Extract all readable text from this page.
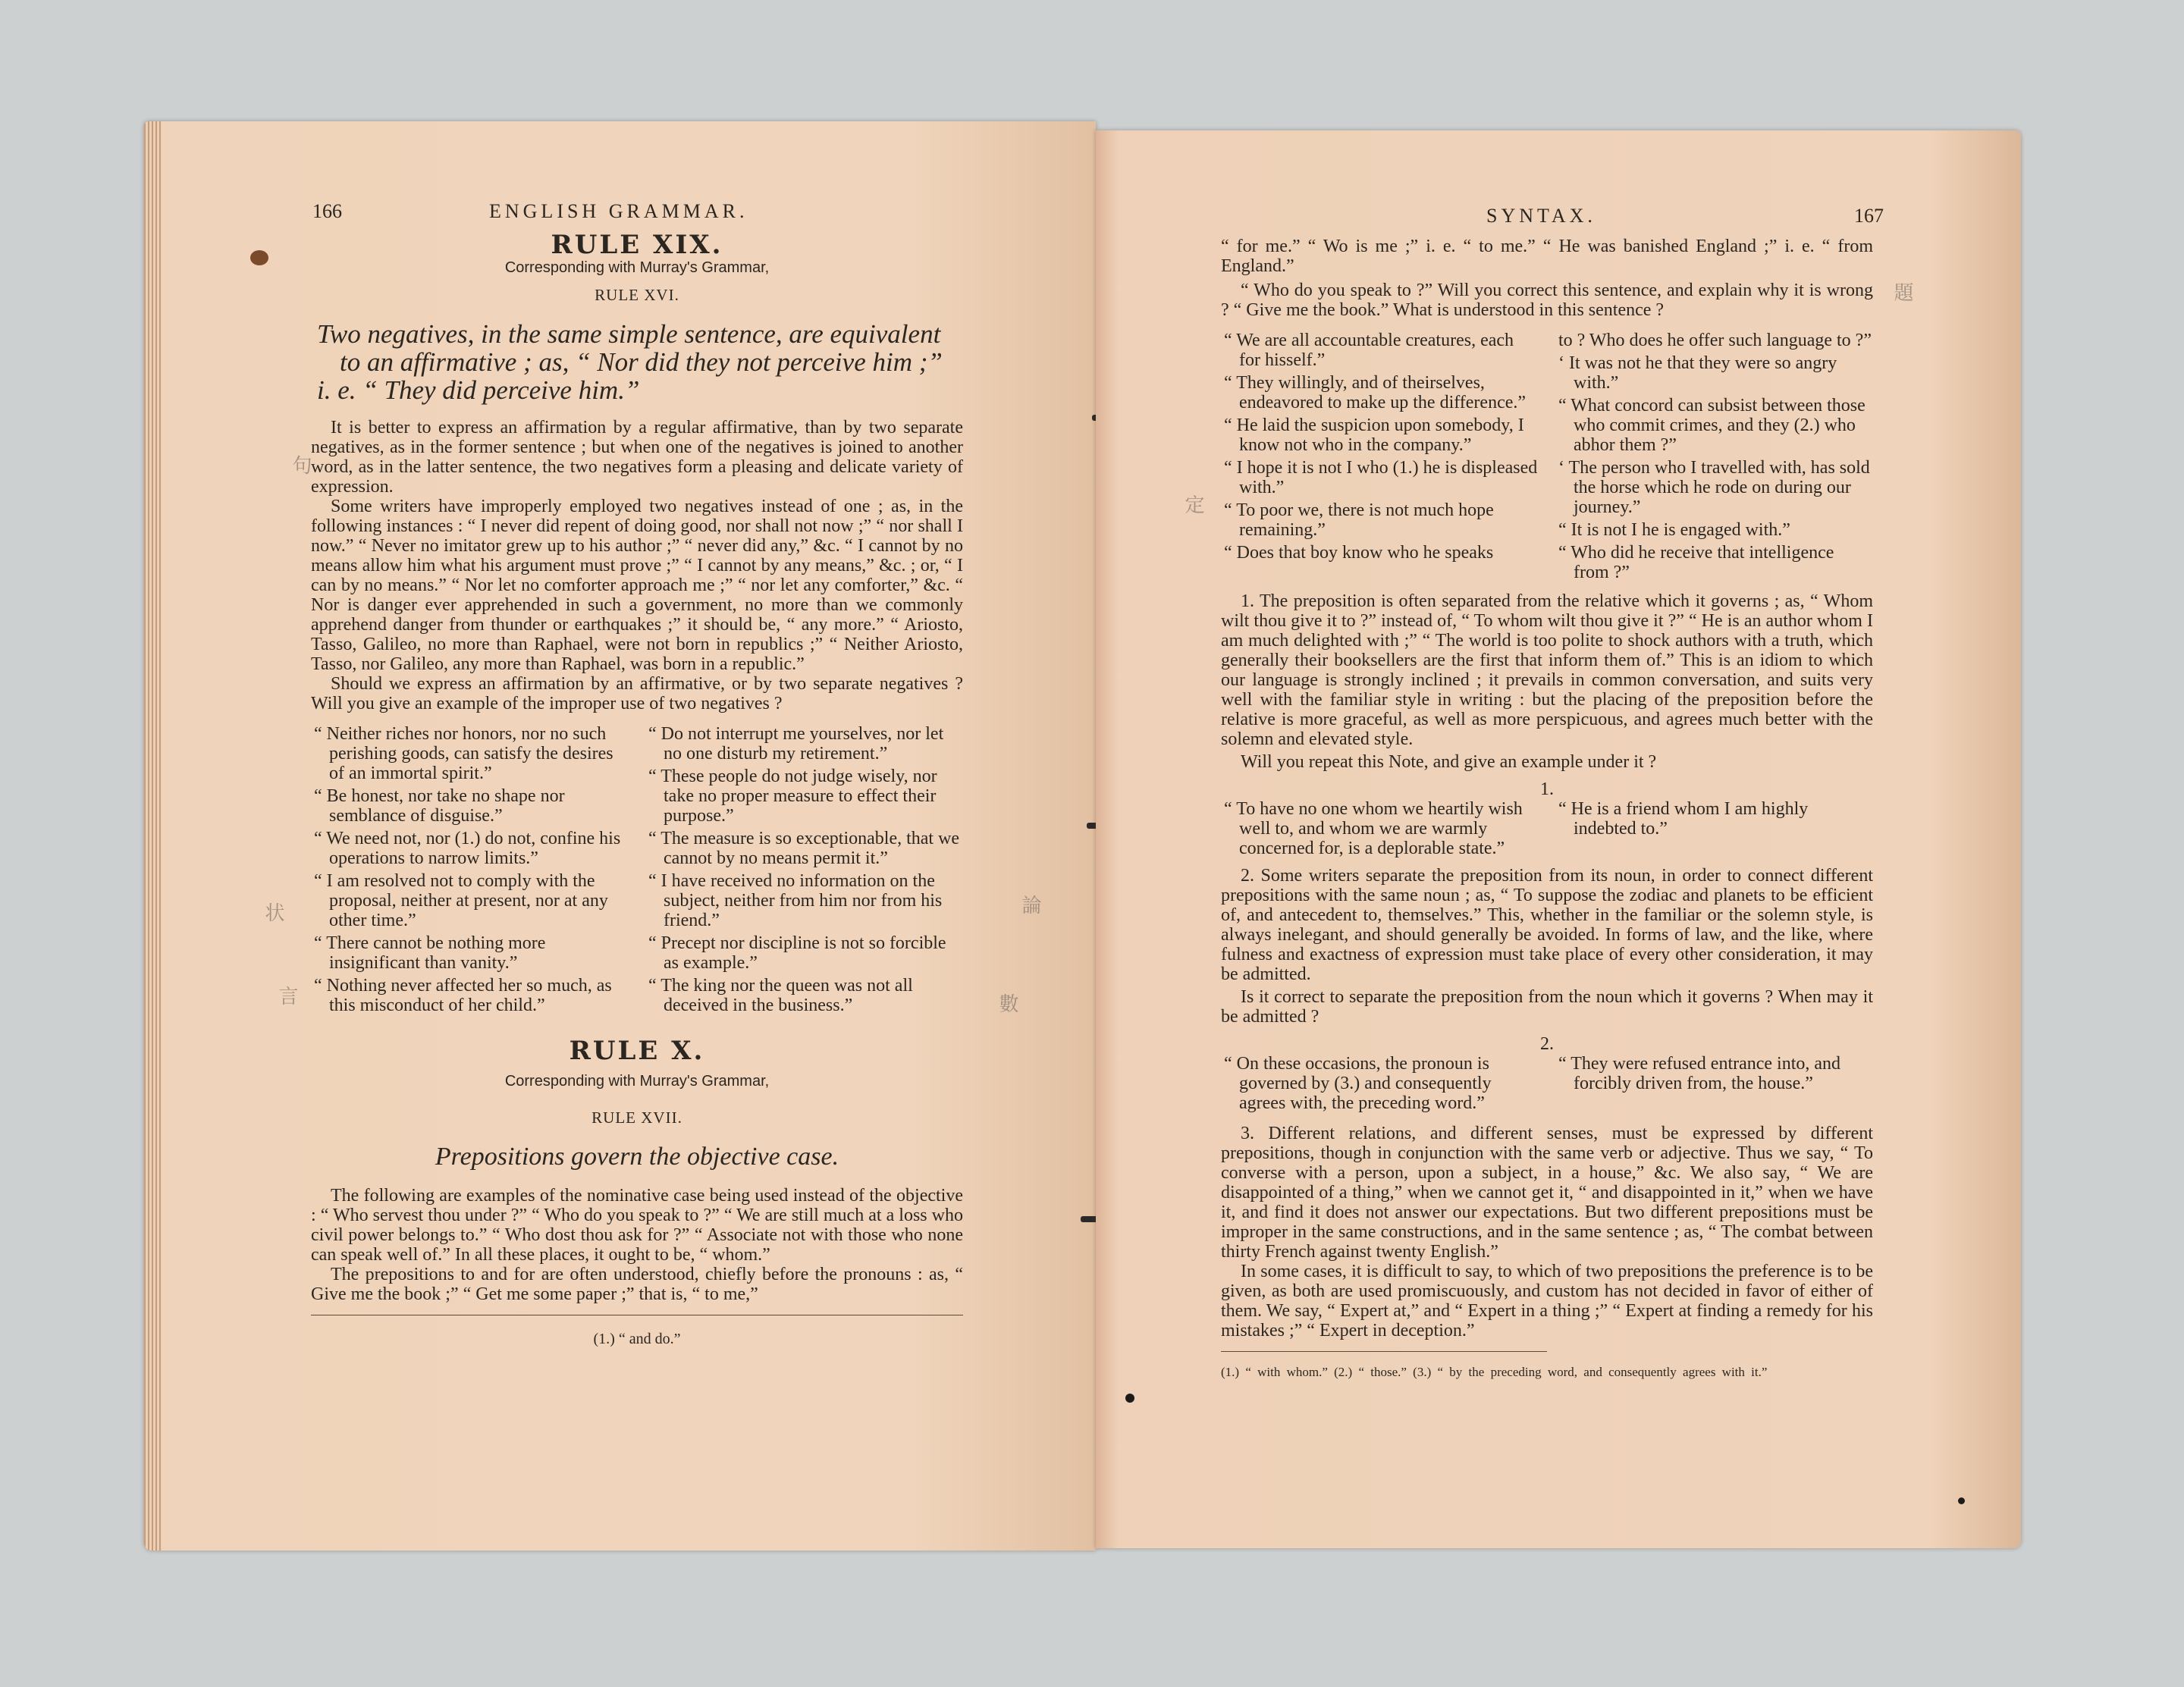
166	ENGLISH GRAMMAR.

RULE XIX.

Corresponding with Murray's Grammar,

RULE XVI.

Two negatives, in the same simple sentence, are equivalent
to an affirmative ; as, “ Nor did they not perceive him ;”
i. e. “ They did perceive him.”

It is better to express an affirmation by a regular affirmative, than by two separate negatives, as in the former sentence ; but when one of the negatives is joined to another word, as in the latter sentence, the two negatives form a pleasing and delicate variety of expression.

Some writers have improperly employed two negatives instead of one ; as, in the following instances : “ I never did repent of doing good, nor shall not now ;” “ nor shall I now.” “ Never no imitator grew up to his author ;” “ never did any,” &c. “ I cannot by no means allow him what his argument must prove ;” “ I cannot by any means,” &c. ; or, “ I can by no means.” “ Nor let no comforter approach me ;” “ nor let any comforter,” &c. “ Nor is danger ever apprehended in such a government, no more than we commonly apprehend danger from thunder or earthquakes ;” it should be, “ any more.” “ Ariosto, Tasso, Galileo, no more than Raphael, were not born in republics ;” “ Neither Ariosto, Tasso, nor Galileo, any more than Raphael, was born in a republic.”

Should we express an affirmation by an affirmative, or by two separate negatives ? Will you give an example of the improper use of two negatives ?

“ Neither riches nor honors, nor no such perishing goods, can satisfy the desires of an immortal spirit.”

“ Be honest, nor take no shape nor semblance of disguise.”

“ We need not, nor (1.) do not, confine his operations to narrow limits.”

“ I am resolved not to comply with the proposal, neither at present, nor at any other time.”

“ There cannot be nothing more insignificant than vanity.”

“ Nothing never affected her so much, as this misconduct of her child.”

“ Do not interrupt me yourselves, nor let no one disturb my retirement.”

“ These people do not judge wisely, nor take no proper measure to effect their purpose.”

“ The measure is so exceptionable, that we cannot by no means permit it.”

“ I have received no information on the subject, neither from him nor from his friend.”

“ Precept nor discipline is not so forcible as example.”

“ The king nor the queen was not all deceived in the business.”

RULE X.

Corresponding with Murray's Grammar,

RULE XVII.

Prepositions govern the objective case.

The following are examples of the nominative case being used instead of the objective : “ Who servest thou under ?” “ Who do you speak to ?” “ We are still much at a loss who civil power belongs to.” “ Who dost thou ask for ?” “ Associate not with those who none can speak well of.” In all these places, it ought to be, “ whom.”

The prepositions to and for are often understood, chiefly before the pronouns : as, “ Give me the book ;” “ Get me some paper ;” that is, “ to me,”

(1.) “ and do.”
句
状
言
論
數
167
SYNTAX.

“ for me.” “ Wo is me ;” i. e. “ to me.” “ He was banished England ;” i. e. “ from England.”

“ Who do you speak to ?” Will you correct this sentence, and explain why it is wrong ? “ Give me the book.” What is understood in this sentence ?

“ We are all accountable creatures, each for hisself.”

“ They willingly, and of theirselves, endeavored to make up the difference.”

“ He laid the suspicion upon somebody, I know not who in the company.”

“ I hope it is not I who (1.) he is displeased with.”

“ To poor we, there is not much hope remaining.”

“ Does that boy know who he speaks

to ? Who does he offer such language to ?”

‘ It was not he that they were so angry with.”

“ What concord can subsist between those who commit crimes, and they (2.) who abhor them ?”

‘ The person who I travelled with, has sold the horse which he rode on during our journey.”

“ It is not I he is engaged with.”

“ Who did he receive that intelligence from ?”

1. The preposition is often separated from the relative which it governs ; as, “ Whom wilt thou give it to ?” instead of, “ To whom wilt thou give it ?” “ He is an author whom I am much delighted with ;” “ The world is too polite to shock authors with a truth, which generally their booksellers are the first that inform them of.” This is an idiom to which our language is strongly inclined ; it prevails in common conversation, and suits very well with the familiar style in writing : but the placing of the preposition before the relative is more graceful, as well as more perspicuous, and agrees much better with the solemn and elevated style.

Will you repeat this Note, and give an example under it ?

1.

“ To have no one whom we heartily wish well to, and whom we are warmly concerned for, is a deplorable state.”

“ He is a friend whom I am highly indebted to.”

2. Some writers separate the preposition from its noun, in order to connect different prepositions with the same noun ; as, “ To suppose the zodiac and planets to be efficient of, and antecedent to, themselves.” This, whether in the familiar or the solemn style, is always inelegant, and should generally be avoided. In forms of law, and the like, where fulness and exactness of expression must take place of every other consideration, it may be admitted.

Is it correct to separate the preposition from the noun which it governs ? When may it be admitted ?

2.

“ On these occasions, the pronoun is governed by (3.) and consequently agrees with, the preceding word.”

“ They were refused entrance into, and forcibly driven from, the house.”

3. Different relations, and different senses, must be expressed by different prepositions, though in conjunction with the same verb or adjective. Thus we say, “ To converse with a person, upon a subject, in a house,” &c. We also say, “ We are disappointed of a thing,” when we cannot get it, “ and disappointed in it,” when we have it, and find it does not answer our expectations. But two different prepositions must be improper in the same constructions, and in the same sentence ; as, “ The combat between thirty French against twenty English.”

In some cases, it is difficult to say, to which of two prepositions the preference is to be given, as both are used promiscuously, and custom has not decided in favor of either of them. We say, “ Expert at,” and “ Expert in a thing ;” “ Expert at finding a remedy for his mistakes ;” “ Expert in deception.”

(1.) “ with whom.” (2.) “ those.” (3.) “ by the preceding word, and consequently agrees with it.”
題
定
